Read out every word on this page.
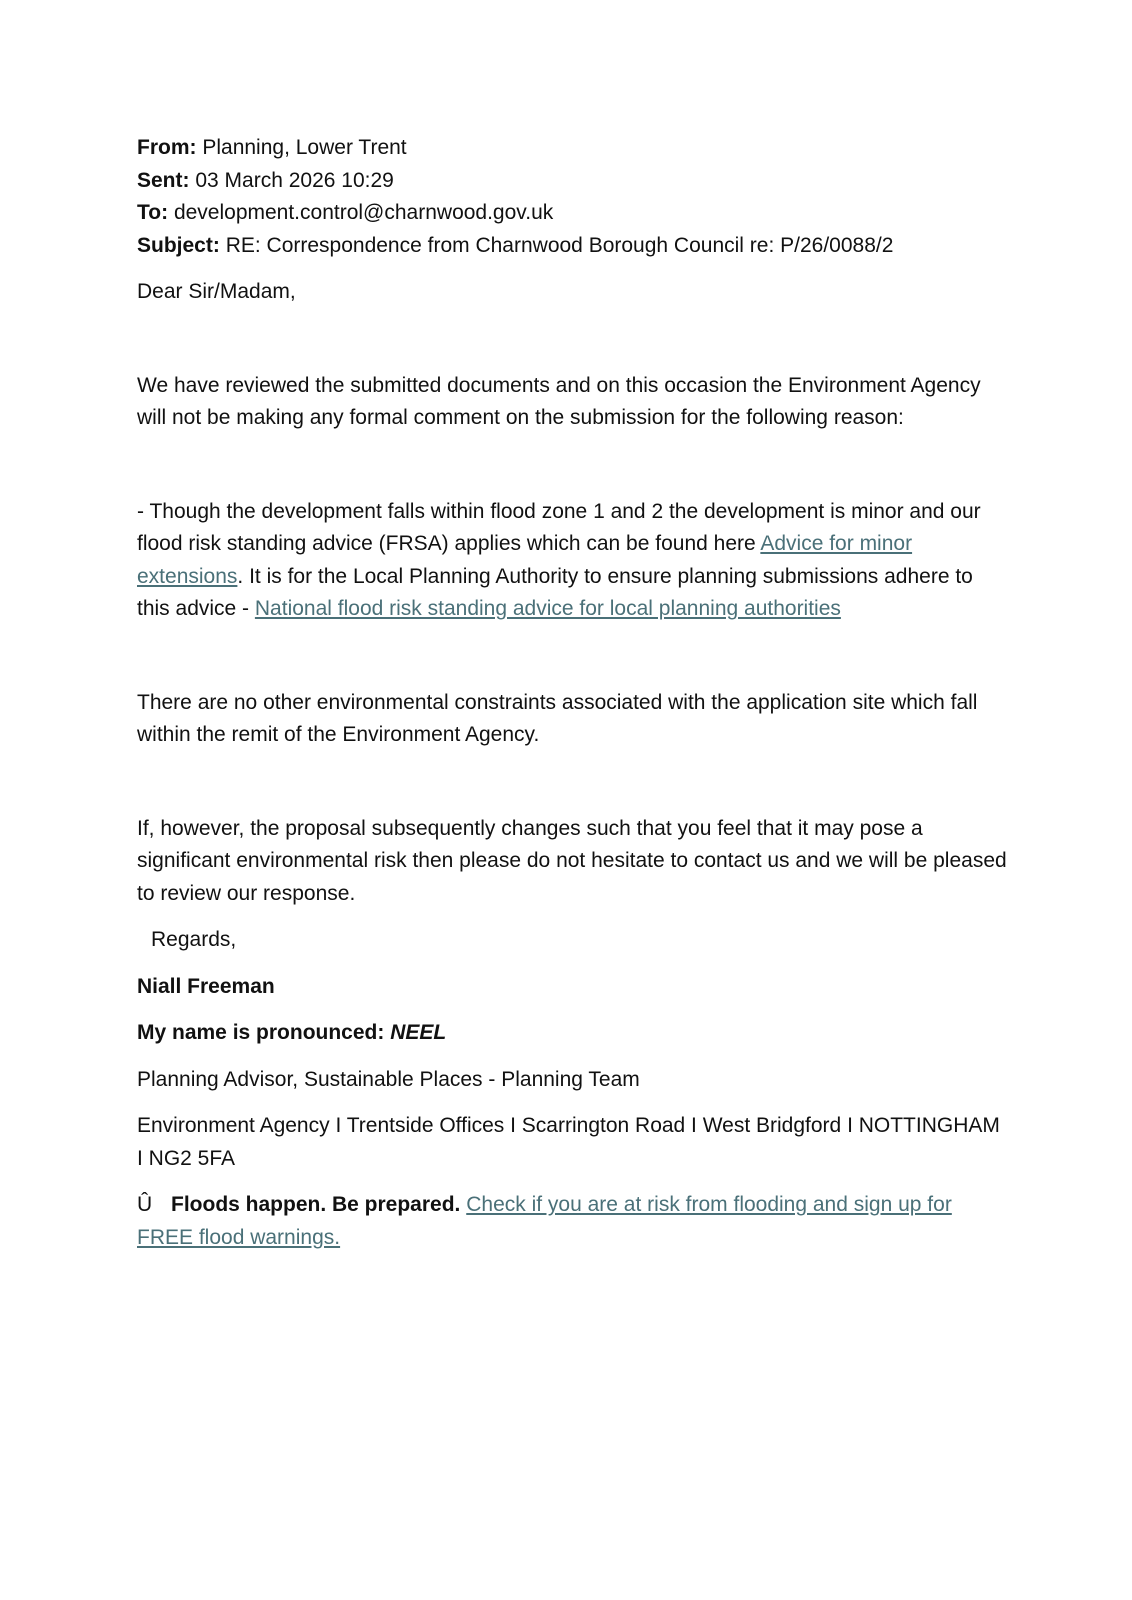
From: Planning, Lower Trent
Sent: 03 March 2026 10:29
To: development.control@charnwood.gov.uk
Subject: RE: Correspondence from Charnwood Borough Council re: P/26/0088/2

Dear Sir/Madam,

We have reviewed the submitted documents and on this occasion the Environment Agency will not be making any formal comment on the submission for the following reason:

- Though the development falls within flood zone 1 and 2 the development is minor and our flood risk standing advice (FRSA) applies which can be found here Advice for minor extensions. It is for the Local Planning Authority to ensure planning submissions adhere to this advice - National flood risk standing advice for local planning authorities

There are no other environmental constraints associated with the application site which fall within the remit of the Environment Agency.

If, however, the proposal subsequently changes such that you feel that it may pose a significant environmental risk then please do not hesitate to contact us and we will be pleased to review our response.

Regards,

Niall Freeman

My name is pronounced: NEEL

Planning Advisor, Sustainable Places - Planning Team

Environment Agency I Trentside Offices I Scarrington Road I West Bridgford I NOTTINGHAM I NG2 5FA

Û Floods happen. Be prepared. Check if you are at risk from flooding and sign up for FREE flood warnings.
